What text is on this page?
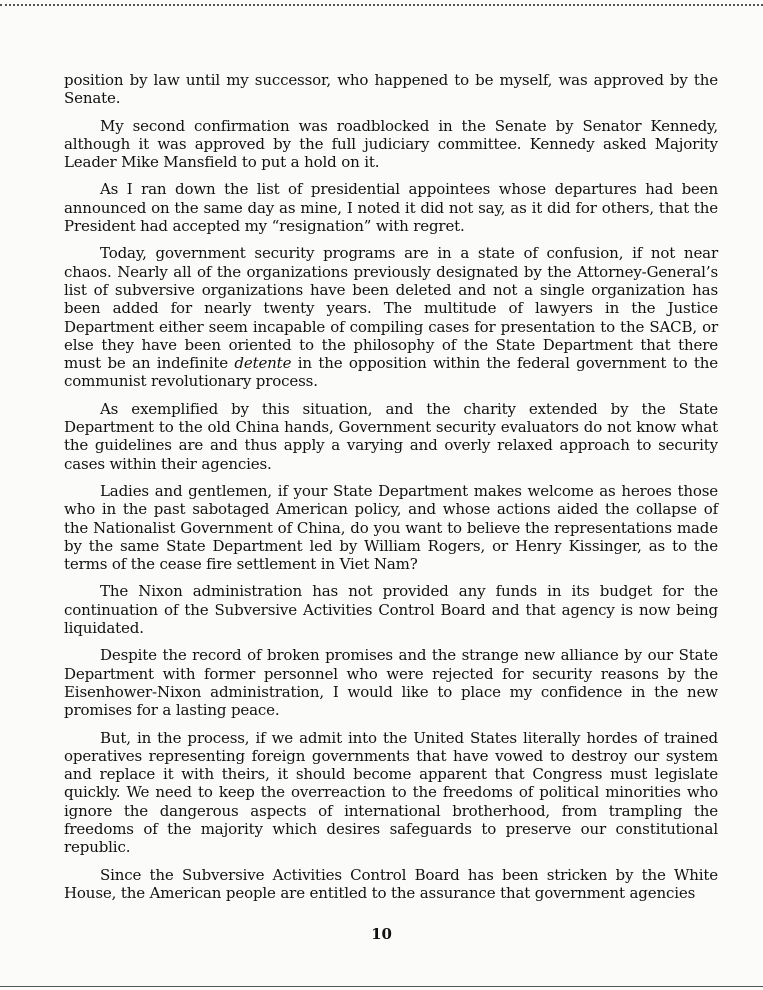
position by law until my successor, who happened to be myself, was approved by the Senate.

My second confirmation was roadblocked in the Senate by Senator Kennedy, although it was approved by the full judiciary committee. Kennedy asked Majority Leader Mike Mansfield to put a hold on it.

As I ran down the list of presidential appointees whose departures had been announced on the same day as mine, I noted it did not say, as it did for others, that the President had accepted my “resignation” with regret.

Today, government security programs are in a state of confusion, if not near chaos. Nearly all of the organizations previously designated by the Attorney-General’s list of subversive organizations have been deleted and not a single organization has been added for nearly twenty years. The multitude of lawyers in the Justice Department either seem incapable of compiling cases for presentation to the SACB, or else they have been oriented to the philosophy of the State Department that there must be an indefinite detente in the opposition within the federal government to the communist revolutionary process.

As exemplified by this situation, and the charity extended by the State Department to the old China hands, Government security evaluators do not know what the guidelines are and thus apply a varying and overly relaxed approach to security cases within their agencies.

Ladies and gentlemen, if your State Department makes welcome as heroes those who in the past sabotaged American policy, and whose actions aided the collapse of the Nationalist Government of China, do you want to believe the representations made by the same State Department led by William Rogers, or Henry Kissinger, as to the terms of the cease fire settlement in Viet Nam?

The Nixon administration has not provided any funds in its budget for the continuation of the Subversive Activities Control Board and that agency is now being liquidated.

Despite the record of broken promises and the strange new alliance by our State Department with former personnel who were rejected for security reasons by the Eisenhower-Nixon administration, I would like to place my confidence in the new promises for a lasting peace.

But, in the process, if we admit into the United States literally hordes of trained operatives representing foreign governments that have vowed to destroy our system and replace it with theirs, it should become apparent that Congress must legislate quickly. We need to keep the overreaction to the freedoms of political minorities who ignore the dangerous aspects of international brotherhood, from trampling the freedoms of the majority which desires safeguards to preserve our constitutional republic.

Since the Subversive Activities Control Board has been stricken by the White House, the American people are entitled to the assurance that government agencies

10
